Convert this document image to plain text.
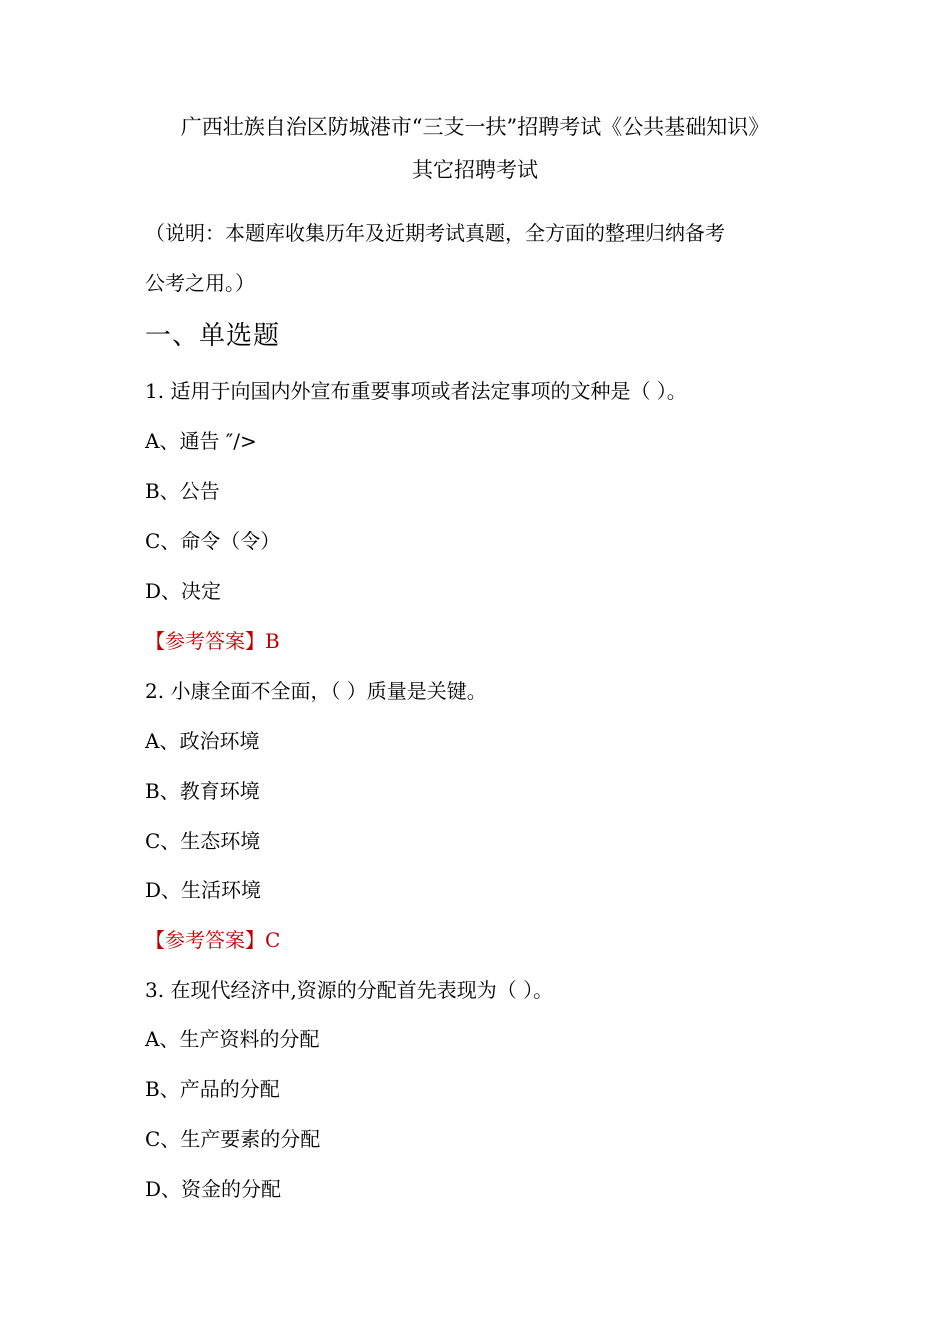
广西壮族自治区防城港市“三支一扶”招聘考试《公共基础知识》
其它招聘考试
（说明：本题库收集历年及近期考试真题，全方面的整理归纳备考
公考之用。）
一、单选题
1. 适用于向国内外宣布重要事项或者法定事项的文种是（ ）。
A、通告 ″/>
B、公告
C、命令（令）
D、决定
【参考答案】B
2. 小康全面不全面，（ ）质量是关键。
A、政治环境
B、教育环境
C、生态环境
D、生活环境
【参考答案】C
3. 在现代经济中,资源的分配首先表现为（ ）。
A、生产资料的分配
B、产品的分配
C、生产要素的分配
D、资金的分配
